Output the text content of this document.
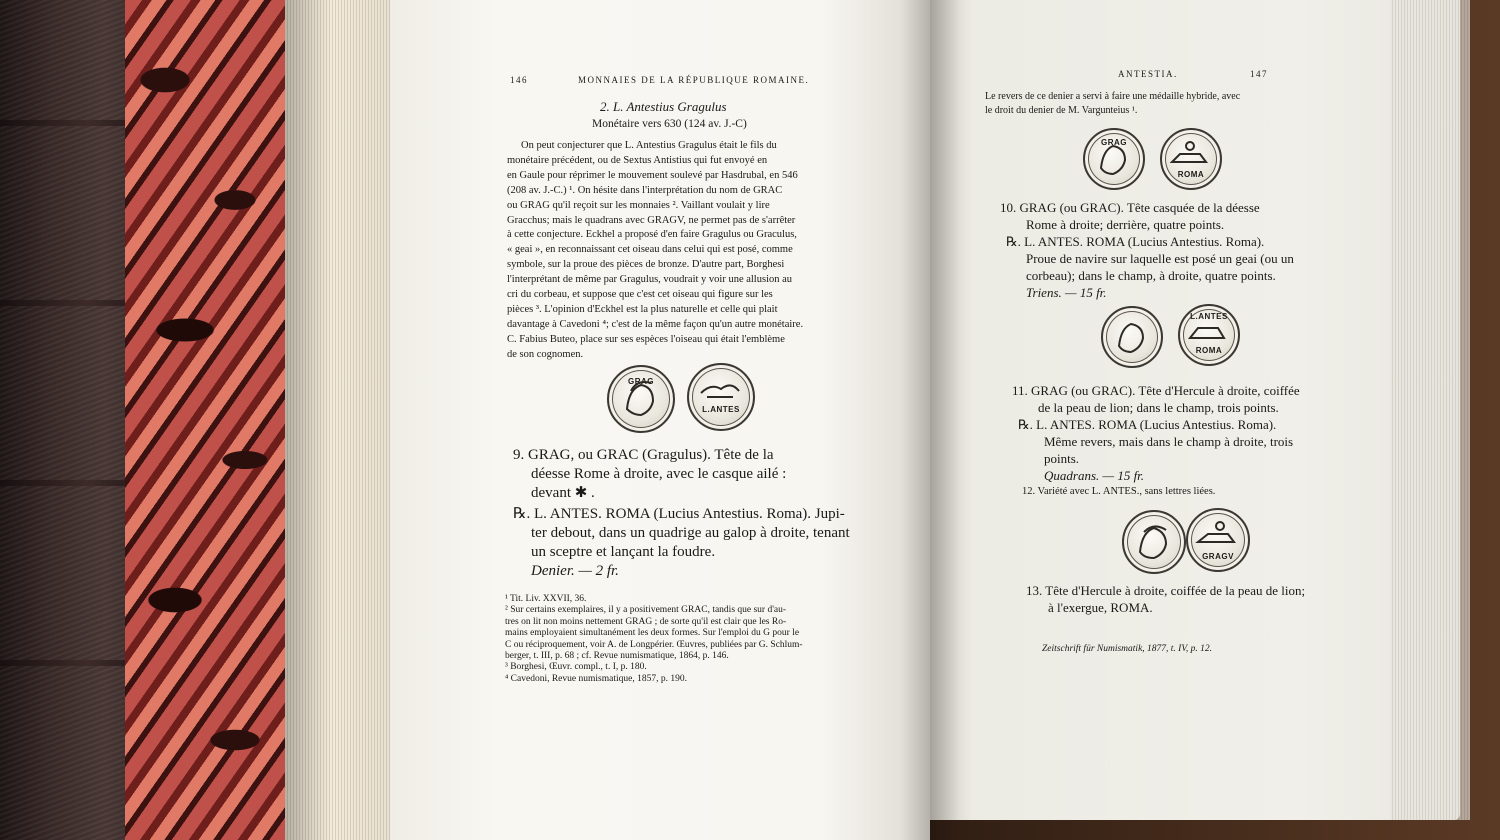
146	MONNAIES DE LA RÉPUBLIQUE ROMAINE.
2. L. Antestius Gragulus
Monétaire vers 630 (124 av. J.-C)
On peut conjecturer que L. Antestius Gragulus était le fils du
monétaire précédent, ou de Sextus Antistius qui fut envoyé en
en Gaule pour réprimer le mouvement soulevé par Hasdrubal, en 546
(208 av. J.-C.) ¹. On hésite dans l'interprétation du nom de GRAC
ou GRAG qu'il reçoit sur les monnaies ². Vaillant voulait y lire
Gracchus; mais le quadrans avec GRAGV, ne permet pas de s'arrêter
à cette conjecture. Eckhel a proposé d'en faire Gragulus ou Graculus,
« geai », en reconnaissant cet oiseau dans celui qui est posé, comme
symbole, sur la proue des pièces de bronze. D'autre part, Borghesi
l'interprétant de même par Gragulus, voudrait y voir une allusion au
cri du corbeau, et suppose que c'est cet oiseau qui figure sur les
pièces ³. L'opinion d'Eckhel est la plus naturelle et celle qui plait
davantage à Cavedoni ⁴; c'est de la même façon qu'un autre monétaire.
C. Fabius Buteo, place sur ses espèces l'oiseau qui était l'emblème
de son cognomen.
GRAG
L.ANTES
9. GRAG, ou GRAC (Gragulus). Tête de la
déesse Rome à droite, avec le casque ailé :
devant ✱ .
℞. L. ANTES. ROMA (Lucius Antestius. Roma). Jupi-
ter debout, dans un quadrige au galop à droite, tenant
un sceptre et lançant la foudre.
Denier. — 2 fr.
¹ Tit. Liv. XXVII, 36.
² Sur certains exemplaires, il y a positivement GRAC, tandis que sur d'au-
tres on lit non moins nettement GRAG ; de sorte qu'il est clair que les Ro-
mains employaient simultanément les deux formes. Sur l'emploi du G pour le
C ou réciproquement, voir A. de Longpérier. Œuvres, publiées par G. Schlum-
berger, t. III, p. 68 ; cf. Revue numismatique, 1864, p. 146.
³ Borghesi, Œuvr. compl., t. I, p. 180.
⁴ Cavedoni, Revue numismatique, 1857, p. 190.
ANTESTIA.	147
Le revers de ce denier a servi à faire une médaille hybride, avec
le droit du denier de M. Vargunteius ¹.
GRAG
ROMA
10. GRAG (ou GRAC). Tête casquée de la déesse
Rome à droite; derrière, quatre points.
℞. L. ANTES. ROMA (Lucius Antestius. Roma).
Proue de navire sur laquelle est posé un geai (ou un
corbeau); dans le champ, à droite, quatre points.
Triens. — 15 fr.
L.ANTES
ROMA
11. GRAG (ou GRAC). Tête d'Hercule à droite, coiffée
de la peau de lion; dans le champ, trois points.
℞. L. ANTES. ROMA (Lucius Antestius. Roma).
Même revers, mais dans le champ à droite, trois
points.
Quadrans. — 15 fr.
12. Variété avec L. ANTES., sans lettres liées.
GRAGV
13. Tête d'Hercule à droite, coiffée de la peau de lion;
à l'exergue, ROMA.
Zeitschrift für Numismatik, 1877, t. IV, p. 12.
